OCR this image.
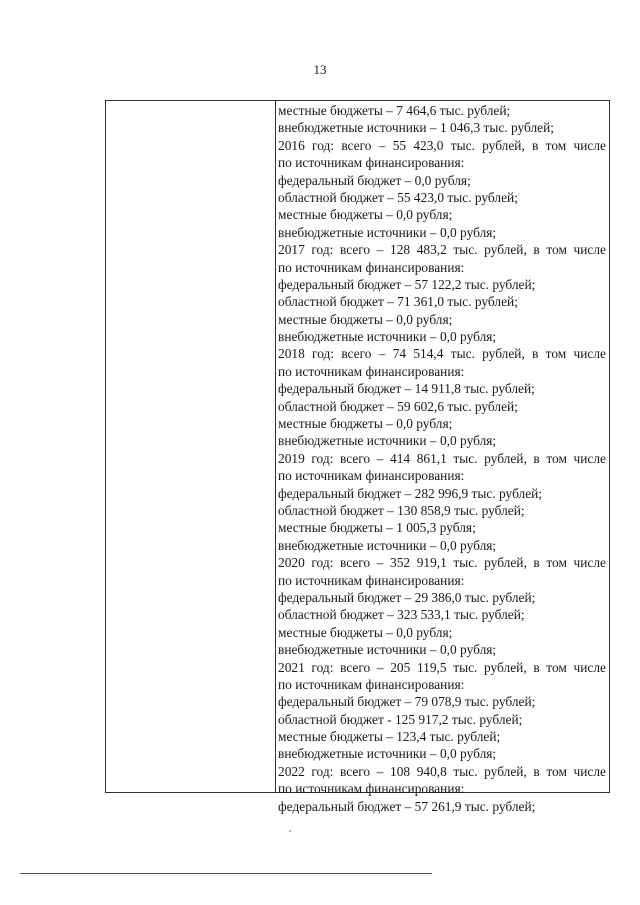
13
местные бюджеты – 7 464,6 тыс. рублей;
внебюджетные источники – 1 046,3 тыс. рублей;
2016 год: всего – 55 423,0 тыс. рублей, в том числе
по источникам финансирования:
федеральный бюджет – 0,0 рубля;
областной бюджет – 55 423,0 тыс. рублей;
местные бюджеты – 0,0 рубля;
внебюджетные источники – 0,0 рубля;
2017 год: всего – 128 483,2 тыс. рублей, в том числе
по источникам финансирования:
федеральный бюджет – 57 122,2 тыс. рублей;
областной бюджет – 71 361,0 тыс. рублей;
местные бюджеты – 0,0 рубля;
внебюджетные источники – 0,0 рубля;
2018 год: всего – 74 514,4 тыс. рублей, в том числе
по источникам финансирования:
федеральный бюджет – 14 911,8 тыс. рублей;
областной бюджет – 59 602,6 тыс. рублей;
местные бюджеты – 0,0 рубля;
внебюджетные источники – 0,0 рубля;
2019 год: всего – 414 861,1 тыс. рублей, в том числе
по источникам финансирования:
федеральный бюджет – 282 996,9 тыс. рублей;
областной бюджет – 130 858,9 тыс. рублей;
местные бюджеты – 1 005,3 рубля;
внебюджетные источники – 0,0 рубля;
2020 год: всего – 352 919,1 тыс. рублей, в том числе
по источникам финансирования:
федеральный бюджет – 29 386,0 тыс. рублей;
областной бюджет – 323 533,1 тыс. рублей;
местные бюджеты – 0,0 рубля;
внебюджетные источники – 0,0 рубля;
2021 год: всего – 205 119,5 тыс. рублей, в том числе
по источникам финансирования:
федеральный бюджет – 79 078,9 тыс. рублей;
областной бюджет - 125 917,2 тыс. рублей;
местные бюджеты – 123,4 тыс. рублей;
внебюджетные источники – 0,0 рубля;
2022 год: всего – 108 940,8 тыс. рублей, в том числе
по источникам финансирования:
федеральный бюджет – 57 261,9 тыс. рублей;
